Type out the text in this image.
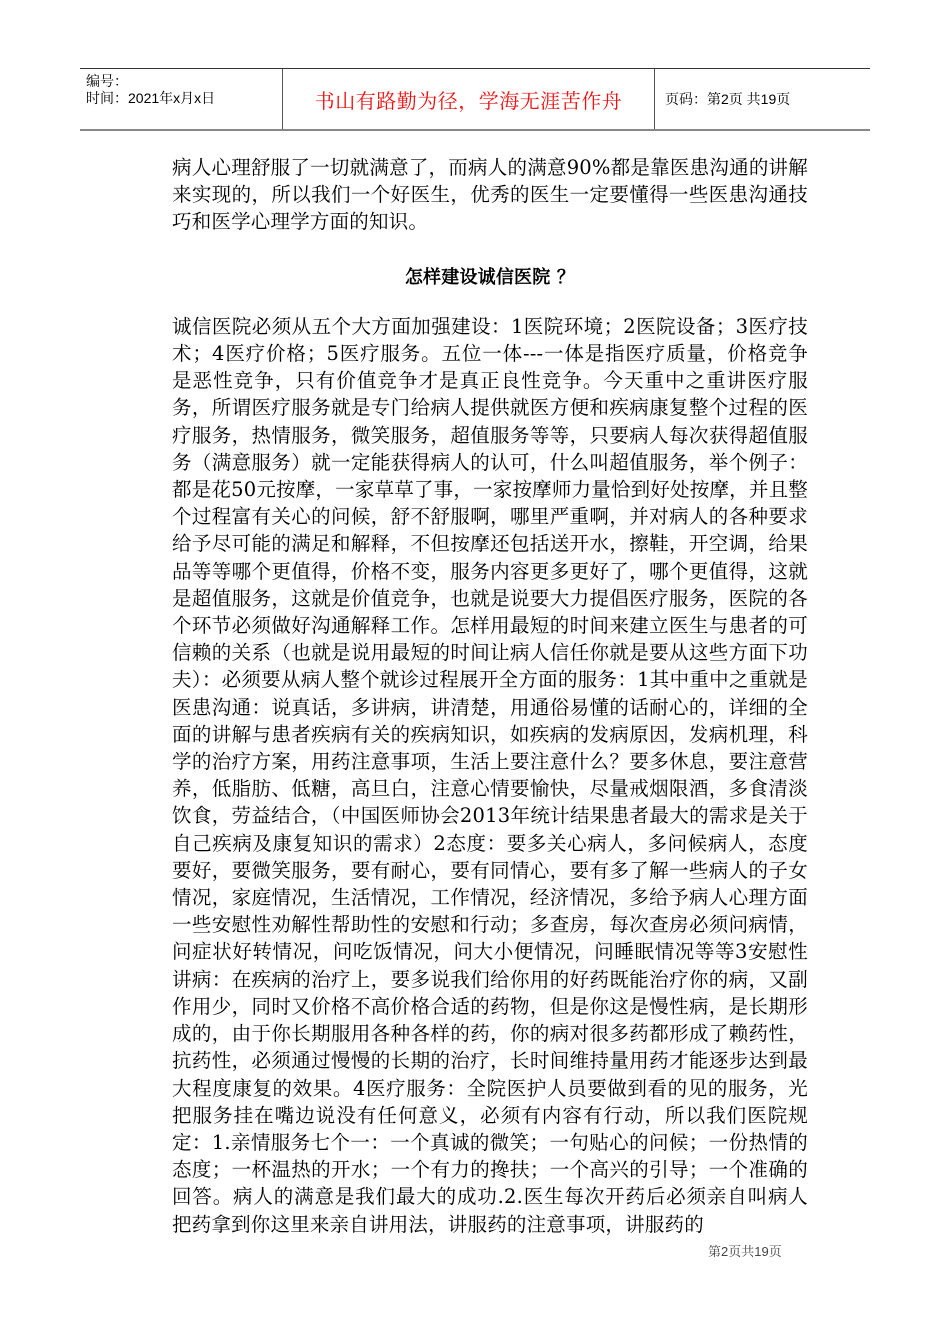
编号：
时间：2021年x月x日	书山有路勤为径，学海无涯苦作舟	页码：第2页 共19页

病人心理舒服了一切就满意了，而病人的满意90%都是靠医患沟通的讲解来实现的，所以我们一个好医生，优秀的医生一定要懂得一些医患沟通技巧和医学心理学方面的知识。

怎样建设诚信医院 ？

诚信医院必须从五个大方面加强建设：1医院环境；2医院设备；3医疗技术；4医疗价格；5医疗服务。五位一体---一体是指医疗质量，价格竞争是恶性竞争，只有价值竞争才是真正良性竞争。今天重中之重讲医疗服务，所谓医疗服务就是专门给病人提供就医方便和疾病康复整个过程的医疗服务，热情服务，微笑服务，超值服务等等，只要病人每次获得超值服务（满意服务）就一定能获得病人的认可，什么叫超值服务，举个例子：都是花50元按摩，一家草草了事，一家按摩师力量恰到好处按摩，并且整个过程富有关心的问候，舒不舒服啊，哪里严重啊，并对病人的各种要求给予尽可能的满足和解释，不但按摩还包括送开水，擦鞋，开空调，给果品等等哪个更值得，价格不变，服务内容更多更好了，哪个更值得，这就是超值服务，这就是价值竞争，也就是说要大力提倡医疗服务，医院的各个环节必须做好沟通解释工作。怎样用最短的时间来建立医生与患者的可信赖的关系（也就是说用最短的时间让病人信任你就是要从这些方面下功夫）：必须要从病人整个就诊过程展开全方面的服务：1其中重中之重就是医患沟通：说真话，多讲病，讲清楚，用通俗易懂的话耐心的，详细的全面的讲解与患者疾病有关的疾病知识，如疾病的发病原因，发病机理，科学的治疗方案，用药注意事项，生活上要注意什么？要多休息，要注意营养，低脂肪、低糖，高旦白，注意心情要愉快，尽量戒烟限酒，多食清淡饮食，劳益结合，（中国医师协会2013年统计结果患者最大的需求是关于自己疾病及康复知识的需求）2态度：要多关心病人，多问候病人，态度要好，要微笑服务，要有耐心，要有同情心，要有多了解一些病人的子女情况，家庭情况，生活情况，工作情况，经济情况，多给予病人心理方面一些安慰性劝解性帮助性的安慰和行动；多查房，每次查房必须问病情，问症状好转情况，问吃饭情况，问大小便情况，问睡眠情况等等3安慰性讲病：在疾病的治疗上，要多说我们给你用的好药既能治疗你的病，又副作用少，同时又价格不高价格合适的药物，但是你这是慢性病，是长期形成的，由于你长期服用各种各样的药，你的病对很多药都形成了赖药性，抗药性，必须通过慢慢的长期的治疗，长时间维持量用药才能逐步达到最大程度康复的效果。4医疗服务：全院医护人员要做到看的见的服务，光把服务挂在嘴边说没有任何意义，必须有内容有行动，所以我们医院规定：1.亲情服务七个一：一个真诚的微笑；一句贴心的问候；一份热情的态度；一杯温热的开水；一个有力的搀扶；一个高兴的引导；一个准确的回答。病人的满意是我们最大的成功.2.医生每次开药后必须亲自叫病人把药拿到你这里来亲自讲用法，讲服药的注意事项，讲服药的

第2页共19页
